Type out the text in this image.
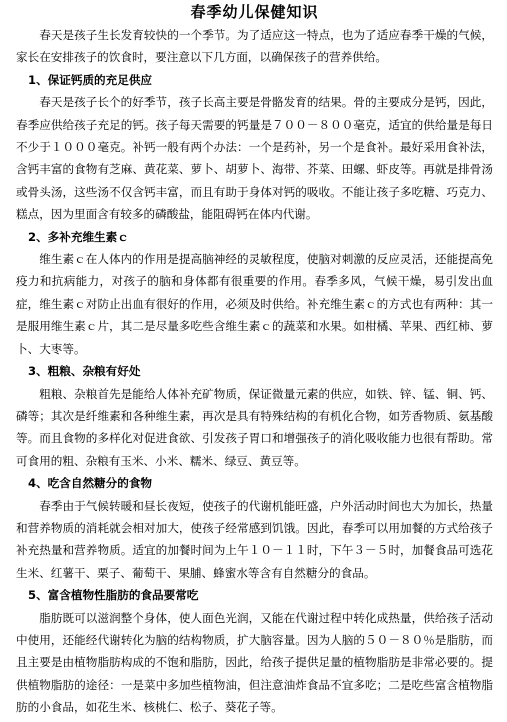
春季幼儿保健知识

春天是孩子生长发育较快的一个季节。为了适应这一特点，也为了适应春季干燥的气候，家长在安排孩子的饮食时，要注意以下几方面，以确保孩子的营养供给。

1、保证钙质的充足供应

春天是孩子长个的好季节，孩子长高主要是骨骼发育的结果。骨的主要成分是钙，因此，春季应供给孩子充足的钙。孩子每天需要的钙量是７００－８００毫克，适宜的供给量是每日不少于１０００毫克。补钙一般有两个办法：一个是药补，另一个是食补。最好采用食补法，含钙丰富的食物有芝麻、黄花菜、萝卜、胡萝卜、海带、芥菜、田螺、虾皮等。再就是排骨汤或骨头汤，这些汤不仅含钙丰富，而且有助于身体对钙的吸收。不能让孩子多吃糖、巧克力、糕点，因为里面含有较多的磷酸盐，能阻碍钙在体内代谢。

2、多补充维生素ｃ

维生素ｃ在人体内的作用是提高脑神经的灵敏程度，使脑对刺激的反应灵活，还能提高免疫力和抗病能力，对孩子的脑和身体都有很重要的作用。春季多风，气候干燥，易引发出血症，维生素ｃ对防止出血有很好的作用，必须及时供给。补充维生素ｃ的方式也有两种：其一是服用维生素ｃ片，其二是尽量多吃些含维生素ｃ的蔬菜和水果。如柑橘、苹果、西红柿、萝卜、大枣等。

3、粗粮、杂粮有好处

粗粮、杂粮首先是能给人体补充矿物质，保证微量元素的供应，如铁、锌、锰、铜、钙、磷等；其次是纤维素和各种维生素，再次是具有特殊结构的有机化合物，如芳香物质、氨基酸等。而且食物的多样化对促进食欲、引发孩子胃口和增强孩子的消化吸收能力也很有帮助。常可食用的粗、杂粮有玉米、小米、糯米、绿豆、黄豆等。

4、吃含自然糖分的食物

春季由于气候转暖和昼长夜短，使孩子的代谢机能旺盛，户外活动时间也大为加长，热量和营养物质的消耗就会相对加大，使孩子经常感到饥饿。因此，春季可以用加餐的方式给孩子补充热量和营养物质。适宜的加餐时间为上午１０－１１时，下午３－５时，加餐食品可选花生米、红薯干、栗子、葡萄干、果脯、蜂蜜水等含有自然糖分的食品。

5、富含植物性脂肪的食品要常吃

脂肪既可以滋润整个身体，使人面色光润，又能在代谢过程中转化成热量，供给孩子活动中使用，还能经代谢转化为脑的结构物质，扩大脑容量。因为人脑的５０－８０％是脂肪，而且主要是由植物脂肪构成的不饱和脂肪，因此，给孩子提供足量的植物脂肪是非常必要的。提供植物脂肪的途径：一是菜中多加些植物油，但注意油炸食品不宜多吃；二是吃些富含植物脂肪的小食品，如花生米、核桃仁、松子、葵花子等。
